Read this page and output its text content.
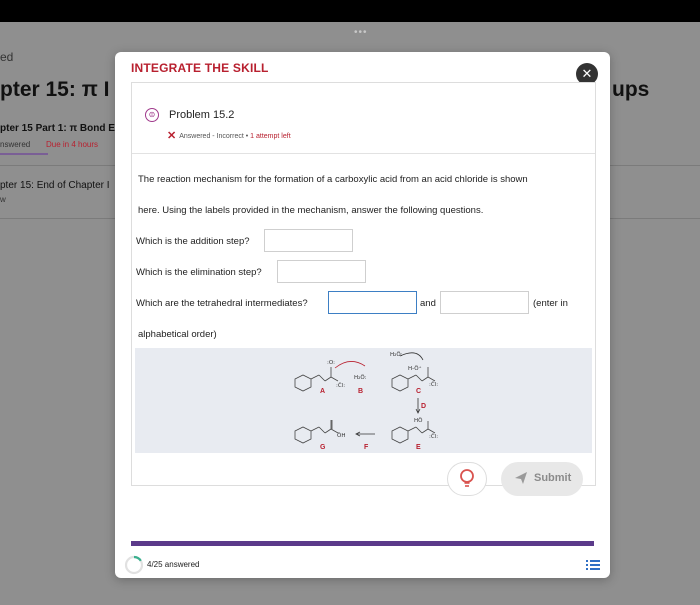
•••
ed
pter 15: π I	ups
pter 15 Part 1: π Bond E
nswered Due in 4 hours
pter 15: End of Chapter I
w
INTEGRATE THE SKILL	✕
⊜	Problem 15.2
✕ Answered - Incorrect • 1 attempt left
The reaction mechanism for the formation of a carboxylic acid from an acid chloride is shown
here. Using the labels provided in the mechanism, answer the following questions.
Which is the addition step?
Which is the elimination step?
Which are the tetrahedral intermediates?	and	(enter in
alphabetical order)
:O:
:C̈l:
A
H₂Ö:
B
H₂Ö:
H-Ö⁺
:C̈l:
C
D
HÖ
:C̈l:
E
F
ÖH
G
Submit
4/25 answered
